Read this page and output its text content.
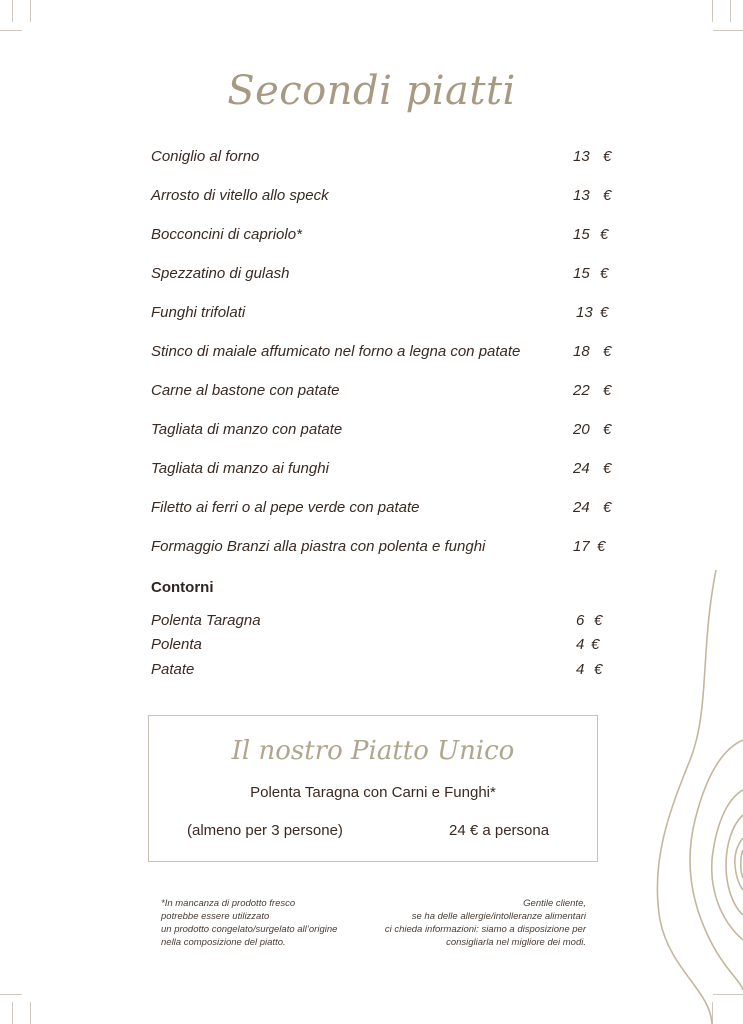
Secondi piatti
Coniglio al forno	13 €
Arrosto di vitello allo speck	13 €
Bocconcini di capriolo*	15 €
Spezzatino di gulash	15 €
Funghi trifolati	13 €
Stinco di maiale affumicato nel forno a legna con patate	18 €
Carne al bastone con patate	22 €
Tagliata di manzo con patate	20 €
Tagliata di manzo ai funghi	24 €
Filetto ai ferri o al pepe verde con patate	24 €
Formaggio Branzi alla piastra con polenta e funghi	17 €
Contorni
Polenta Taragna	6 €
Polenta	4 €
Patate	4 €
Il nostro Piatto Unico
Polenta Taragna con Carni e Funghi*
(almeno per 3 persone)	24 € a persona
*In mancanza di prodotto fresco
potrebbe essere utilizzato
un prodotto congelato/surgelato all’origine
nella composizione del piatto.
Gentile cliente,
se ha delle allergie/intolleranze alimentari
ci chieda informazioni: siamo a disposizione per
consigliarla nel migliore dei modi.
